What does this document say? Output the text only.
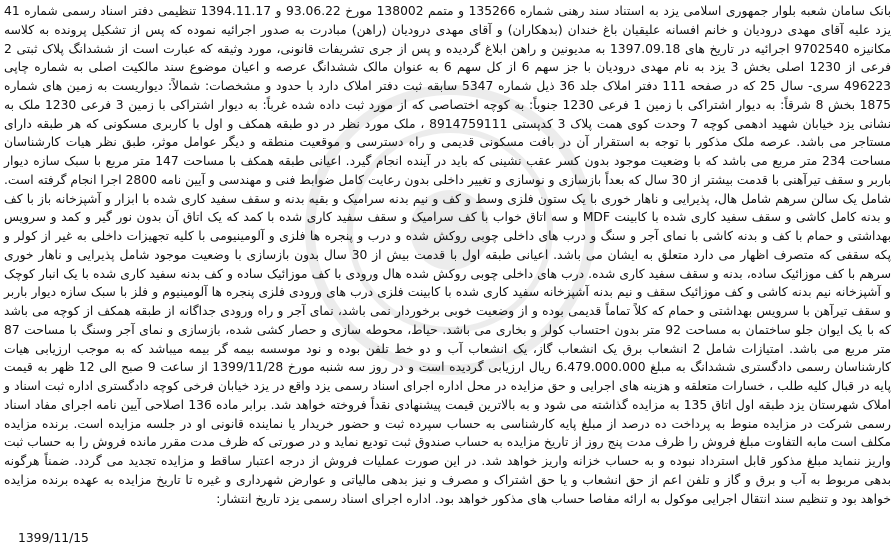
بانک سامان شعبه بلوار جمهوری اسلامی یزد به استناد سند رهنی شماره 135266 و متمم 138002 مورخ 93.06.22 و 1394.11.17 تنظیمی دفتر اسناد رسمی شماره 41 یزد علیه آقای مهدی دروديان و خانم افسانه علیقیان باغ خندان (بدهکاران) و آقای مهدی دروديان (راهن) مبادرت به صدور اجرائیه نموده که پس از تشکیل پرونده به کلاسه مکانیزه 9702540 اجرائیه در تاریخ های 1397.09.18 به مدیونین و راهن ابلاغ گردیده و پس از جری تشریفات قانونی، مورد وثیقه که عبارت است از ششدانگ پلاک ثبتی 2 فرعی از 1230 اصلی بخش 3 یزد به نام مهدی دروديان با جز سهم 6 از کل سهم 6 به عنوان مالک ششدانگ عرصه و اعیان موضوع سند مالکیت اصلی به شماره چاپی 496223 سری- سال 25 که در صفحه 111 دفتر املاک جلد 36 ذیل شماره 5347 سابقه ثبت دفتر املاک دارد با حدود و مشخصات: شمالاً: دیواریست به زمین های شماره 1875 بخش 8 شرقاً: به دیوار اشتراکی با زمین 1 فرعی 1230 جنوباً: به کوچه اختصاصی که از مورد ثبت داده شده غرباً: به دیوار اشتراکی با زمین 3 فرعی 1230 ملک به نشانی یزد خیابان شهید ادهمی کوچه 7 وحدت کوی همت پلاک 3 کدپستی 8914759111 ، ملک مورد نظر در دو طبقه همکف و اول با کاربری مسکونی که هر طبقه دارای مستاجر می باشد. عرصه ملک مذکور با توجه به استقرار آن در بافت مسکونی قدیمی و راه دسترسی و موقعیت منطقه و دیگر عوامل موثر، طبق نظر هیات کارشناسان مساحت 234 متر مربع می باشد که با وضعیت موجود بدون کسر عقب نشینی که باید در آینده انجام گیرد. اعیانی طبقه همکف با مساحت 147 متر مربع با سبک سازه دیوار باربر و سقف تیرآهنی با قدمت بیشتر از 30 سال که بعداً بازسازی و نوسازی و تغییر داخلی بدون رعایت کامل ضوابط فنی و مهندسی و آیین نامه 2800 اجرا انجام گرفته است. شامل یک سالن سرهم شامل هال، پذیرایی و ناهار خوری با یک ستون فلزی وسط و کف و نیم بدنه سرامیک و بقیه بدنه و سقف سفید کاری شده با ابزار و آشپزخانه باز با کف و بدنه کامل کاشی و سقف سفید کاری شده با کابینت MDF و سه اتاق خواب با کف سرامیک و سقف سفید کاری شده با کمد که یک اتاق آن بدون نور گیر و کمد و سرویس بهداشتی و حمام با کف و بدنه کاشی با نمای آجر و سنگ و درب های داخلی چوبی روکش شده و درب و پنجره ها فلزی و آلومینیومی با کلیه تجهیزات داخلی به غیر از کولر و پکه سقفی که متصرف اظهار می دارد متعلق به ایشان می باشد. اعیانی طبقه اول با قدمت بیش از 30 سال بدون بازسازی با وضعیت موجود شامل پذیرایی و ناهار خوری سرهم با کف موزائیک ساده، بدنه و سقف سفید کاری شده. درب های داخلی چوبی روکش شده هال ورودی با کف موزائیک ساده و کف بدنه سفید کاری شده با یک انبار کوچک و آشپزخانه نیم بدنه کاشی و کف موزائیک سقف و نیم بدنه آشپزخانه سفید کاری شده با کابینت فلزی درب های ورودی فلزی پنجره ها آلومینیوم و فلز با سبک سازه دیوار باربر و سقف تیرآهن با سرویس بهداشتی و حمام که کلاً تماماً قدیمی بوده و از وضعیت خوبی برخوردار نمی باشد، نمای آجر و راه ورودی جداگانه از طبقه همکف از کوچه می باشد که با یک ایوان جلو ساختمان به مساحت 92 متر بدون احتساب کولر و بخاری می باشد. حیاط، محوطه سازی و حصار کشی شده، بازسازی و نمای آجر وسنگ با مساحت 87 متر مربع می باشد. امتیازات شامل 2 انشعاب برق یک انشعاب گاز، یک انشعاب آب و دو خط تلفن بوده و نود موسسه بیمه گر بیمه میباشد که به موجب ارزیابی هیات کارشناسان رسمی دادگستری ششدانگ به مبلغ 6.479.000.000 ریال ارزیابی گردیده است و در روز سه شنبه مورخ 1399/11/28 از ساعت 9 صبح الی 12 ظهر به قیمت پایه در قبال کلیه طلب ، خسارات متعلقه و هزینه های اجرایی و حق مزایده در محل اداره اجرای اسناد رسمی یزد واقع در یزد خیابان فرخی کوچه دادگستری اداره ثبت اسناد و املاک شهرستان یزد طبقه اول اتاق 135 به مزایده گذاشته می شود و به بالاترین قیمت پیشنهادی نقداً فروخته خواهد شد. برابر ماده 136 اصلاحی آیین نامه اجرای مفاد اسناد رسمی شرکت در مزایده منوط به پرداخت ده درصد از مبلغ پایه کارشناسی به حساب سپرده ثبت و حضور خریدار یا نماینده قانونی او در جلسه مزایده است. برنده مزایده مکلف است مابه التفاوت مبلغ فروش را ظرف مدت پنج روز از تاریخ مزایده به حساب صندوق ثبت تودیع نماید و در صورتی که ظرف مدت مقرر مانده فروش را به حساب ثبت واریز ننماید مبلغ مذکور قابل استرداد نبوده و به حساب خزانه واریز خواهد شد. در این صورت عملیات فروش از درجه اعتبار ساقط و مزایده تجدید می گردد. ضمناً هرگونه بدهی مربوط به آب و برق و گاز و تلفن اعم از حق انشعاب و یا حق اشتراک و مصرف و نیز بدهی مالیاتی و عوارض شهرداری و غیره تا تاریخ مزایده به عهده برنده مزایده خواهد بود و تنظیم سند انتقال اجرایی موکول به ارائه مفاصا حساب های مذکور خواهد بود. اداره اجرای اسناد رسمی یزد تاریخ انتشار:

1399/11/15
